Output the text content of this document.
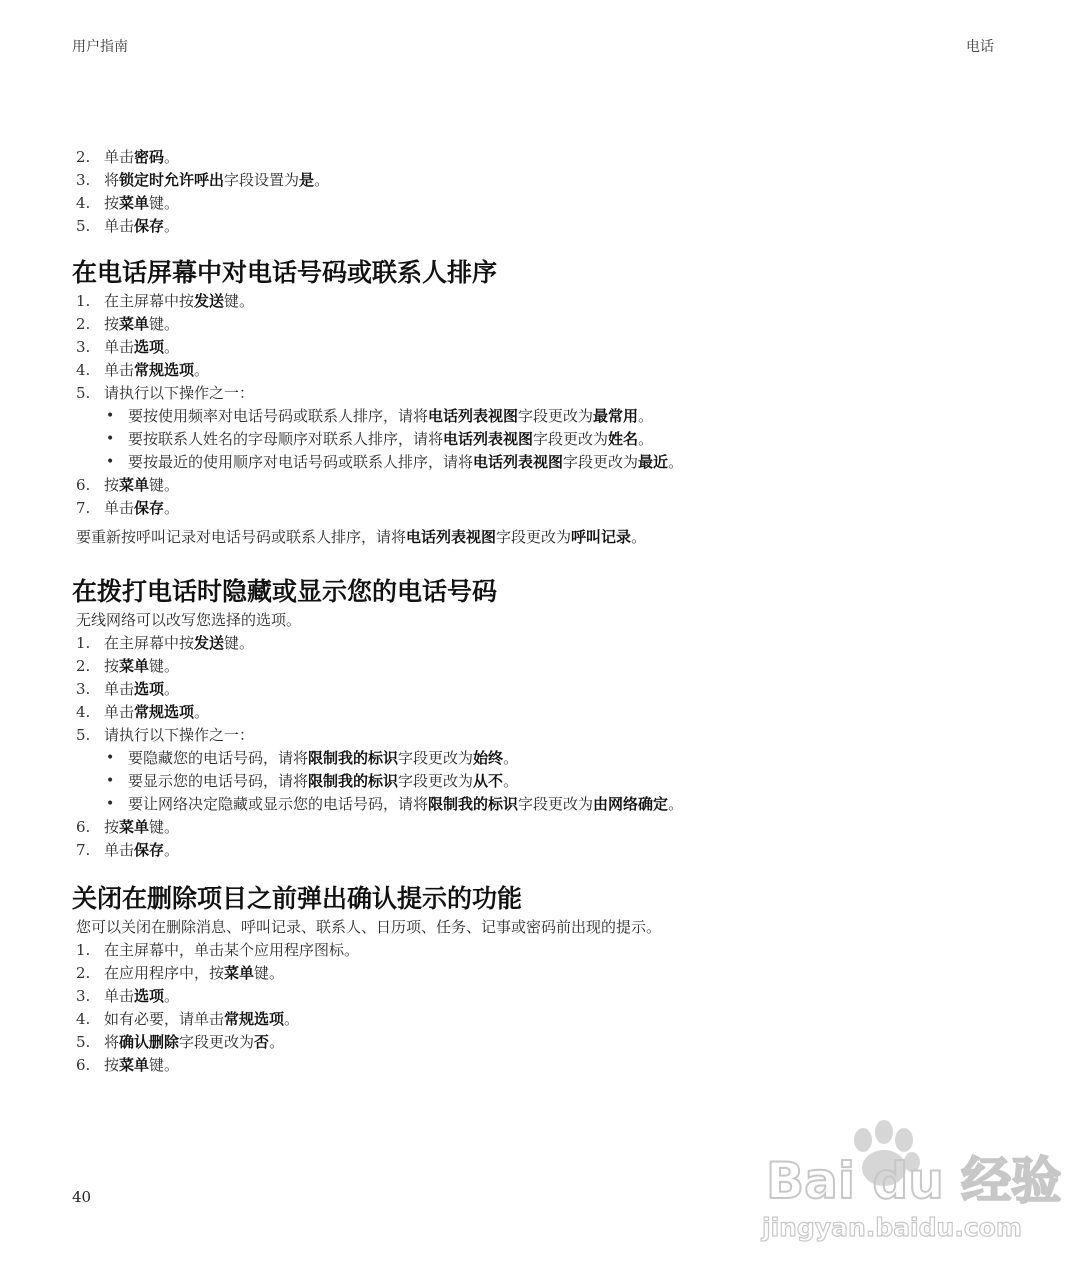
用户指南	电话
2. 单击密码。
3. 将锁定时允许呼出字段设置为是。
4. 按菜单键。
5. 单击保存。
在电话屏幕中对电话号码或联系人排序
1. 在主屏幕中按发送键。
2. 按菜单键。
3. 单击选项。
4. 单击常规选项。
5. 请执行以下操作之一：
• 要按使用频率对电话号码或联系人排序，请将电话列表视图字段更改为最常用。
• 要按联系人姓名的字母顺序对联系人排序，请将电话列表视图字段更改为姓名。
• 要按最近的使用顺序对电话号码或联系人排序，请将电话列表视图字段更改为最近。
6. 按菜单键。
7. 单击保存。
要重新按呼叫记录对电话号码或联系人排序，请将电话列表视图字段更改为呼叫记录。
在拨打电话时隐藏或显示您的电话号码
无线网络可以改写您选择的选项。
1. 在主屏幕中按发送键。
2. 按菜单键。
3. 单击选项。
4. 单击常规选项。
5. 请执行以下操作之一：
• 要隐藏您的电话号码，请将限制我的标识字段更改为始终。
• 要显示您的电话号码，请将限制我的标识字段更改为从不。
• 要让网络决定隐藏或显示您的电话号码，请将限制我的标识字段更改为由网络确定。
6. 按菜单键。
7. 单击保存。
关闭在删除项目之前弹出确认提示的功能
您可以关闭在删除消息、呼叫记录、联系人、日历项、任务、记事或密码前出现的提示。
1. 在主屏幕中，单击某个应用程序图标。
2. 在应用程序中，按菜单键。
3. 单击选项。
4. 如有必要，请单击常规选项。
5. 将确认删除字段更改为否。
6. 按菜单键。
40	Bai du 经验
jingyan.baidu.com
